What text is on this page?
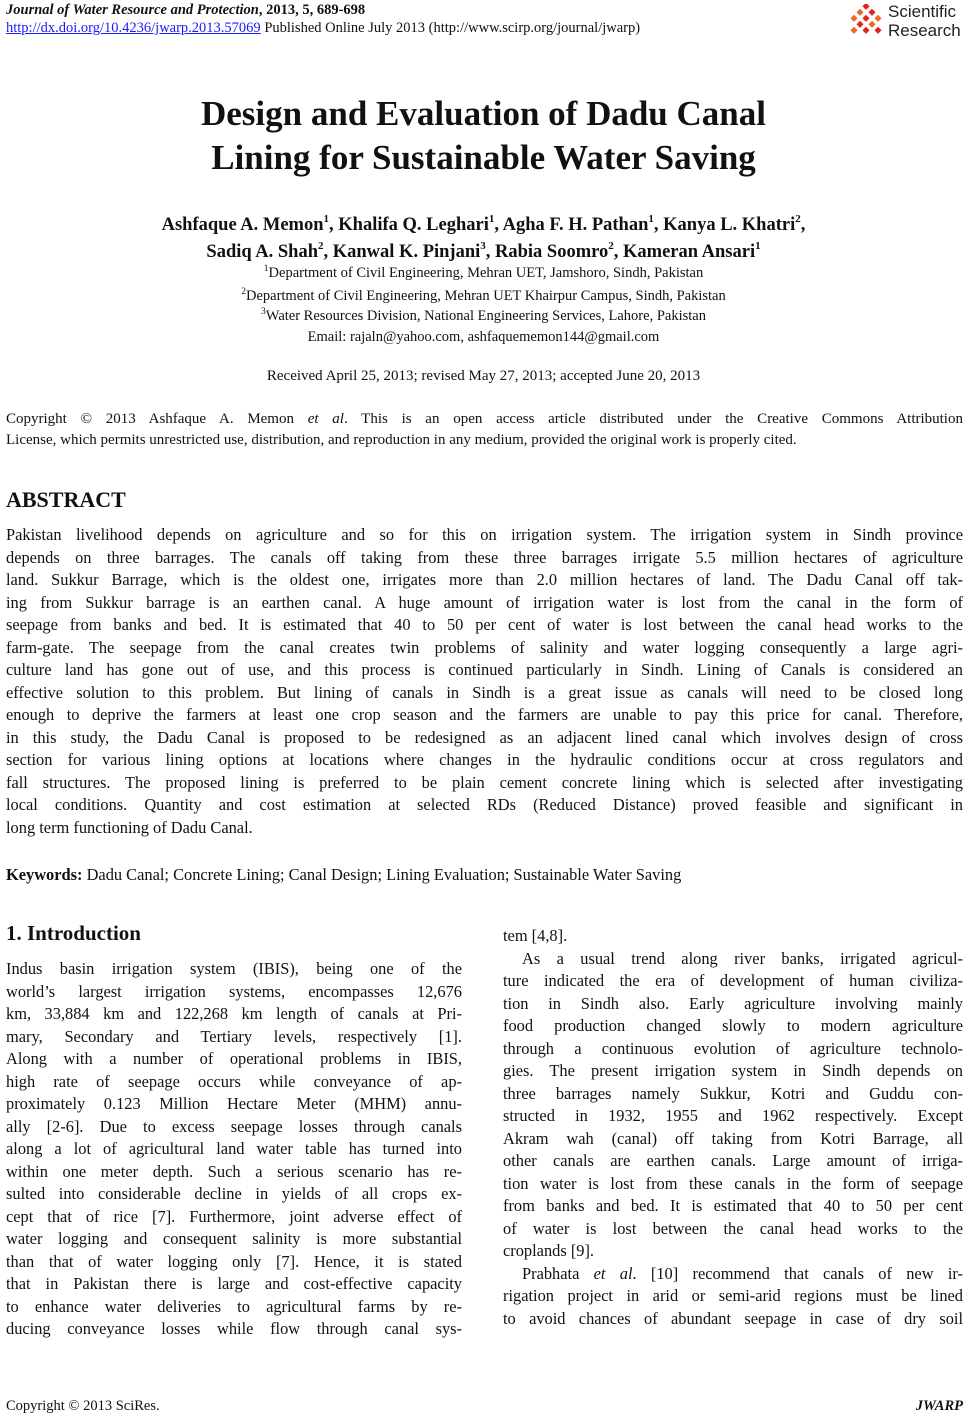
Journal of Water Resource and Protection, 2013, 5, 689-698
http://dx.doi.org/10.4236/jwarp.2013.57069 Published Online July 2013 (http://www.scirp.org/journal/jwarp)
Scientific
Research
Design and Evaluation of Dadu Canal
Lining for Sustainable Water Saving
Ashfaque A. Memon$^1$, Khalifa Q. Leghari$^1$, Agha F. H. Pathan$^1$, Kanya L. Khatri$^2$,
Sadiq A. Shah$^2$, Kanwal K. Pinjani$^3$, Rabia Soomro$^2$, Kameran Ansari$^1$
$^1$Department of Civil Engineering, Mehran UET, Jamshoro, Sindh, Pakistan
$^2$Department of Civil Engineering, Mehran UET Khairpur Campus, Sindh, Pakistan
$^3$Water Resources Division, National Engineering Services, Lahore, Pakistan
Email: rajaln@yahoo.com, ashfaquememon144@gmail.com
Received April 25, 2013; revised May 27, 2013; accepted June 20, 2013
Copyright © 2013 Ashfaque A. Memon et al. This is an open access article distributed under the Creative Commons Attribution
License, which permits unrestricted use, distribution, and reproduction in any medium, provided the original work is properly cited.
ABSTRACT
Pakistan livelihood depends on agriculture and so for this on irrigation system. The irrigation system in Sindh province
depends on three barrages. The canals off taking from these three barrages irrigate 5.5 million hectares of agriculture
land. Sukkur Barrage, which is the oldest one, irrigates more than 2.0 million hectares of land. The Dadu Canal off tak-
ing from Sukkur barrage is an earthen canal. A huge amount of irrigation water is lost from the canal in the form of
seepage from banks and bed. It is estimated that 40 to 50 per cent of water is lost between the canal head works to the
farm-gate. The seepage from the canal creates twin problems of salinity and water logging consequently a large agri-
culture land has gone out of use, and this process is continued particularly in Sindh. Lining of Canals is considered an
effective solution to this problem. But lining of canals in Sindh is a great issue as canals will need to be closed long
enough to deprive the farmers at least one crop season and the farmers are unable to pay this price for canal. Therefore,
in this study, the Dadu Canal is proposed to be redesigned as an adjacent lined canal which involves design of cross
section for various lining options at locations where changes in the hydraulic conditions occur at cross regulators and
fall structures. The proposed lining is preferred to be plain cement concrete lining which is selected after investigating
local conditions. Quantity and cost estimation at selected RDs (Reduced Distance) proved feasible and significant in
long term functioning of Dadu Canal.
Keywords: Dadu Canal; Concrete Lining; Canal Design; Lining Evaluation; Sustainable Water Saving
1. Introduction
Indus basin irrigation system (IBIS), being one of the
world’s largest irrigation systems, encompasses 12,676
km, 33,884 km and 122,268 km length of canals at Pri-
mary, Secondary and Tertiary levels, respectively [1].
Along with a number of operational problems in IBIS,
high rate of seepage occurs while conveyance of ap-
proximately 0.123 Million Hectare Meter (MHM) annu-
ally [2-6]. Due to excess seepage losses through canals
along a lot of agricultural land water table has turned into
within one meter depth. Such a serious scenario has re-
sulted into considerable decline in yields of all crops ex-
cept that of rice [7]. Furthermore, joint adverse effect of
water logging and consequent salinity is more substantial
than that of water logging only [7]. Hence, it is stated
that in Pakistan there is large and cost-effective capacity
to enhance water deliveries to agricultural farms by re-
ducing conveyance losses while flow through canal sys-
tem [4,8].
As a usual trend along river banks, irrigated agricul-
ture indicated the era of development of human civiliza-
tion in Sindh also. Early agriculture involving mainly
food production changed slowly to modern agriculture
through a continuous evolution of agriculture technolo-
gies. The present irrigation system in Sindh depends on
three barrages namely Sukkur, Kotri and Guddu con-
structed in 1932, 1955 and 1962 respectively. Except
Akram wah (canal) off taking from Kotri Barrage, all
other canals are earthen canals. Large amount of irriga-
tion water is lost from these canals in the form of seepage
from banks and bed. It is estimated that 40 to 50 per cent
of water is lost between the canal head works to the
croplands [9].
Prabhata et al. [10] recommend that canals of new ir-
rigation project in arid or semi-arid regions must be lined
to avoid chances of abundant seepage in case of dry soil
Copyright © 2013 SciRes.	JWARP
